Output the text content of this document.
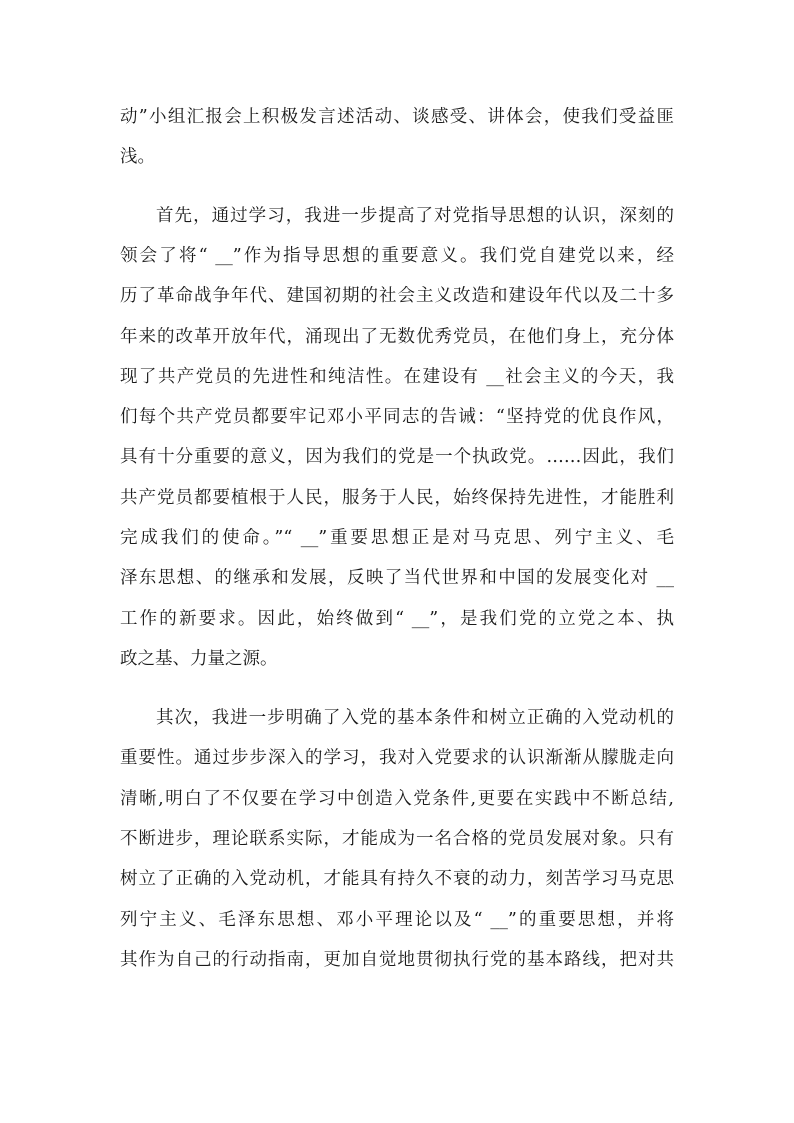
动”小组汇报会上积极发言述活动、谈感受、讲体会，使我们受益匪
浅。
首先，通过学习，我进一步提高了对党指导思想的认识，深刻的
领会了将“ __”作为指导思想的重要意义。我们党自建党以来，经
历了革命战争年代、建国初期的社会主义改造和建设年代以及二十多
年来的改革开放年代，涌现出了无数优秀党员，在他们身上，充分体
现了共产党员的先进性和纯洁性。在建设有 __社会主义的今天，我
们每个共产党员都要牢记邓小平同志的告诫：“坚持党的优良作风，
具有十分重要的意义，因为我们的党是一个执政党。……因此，我们
共产党员都要植根于人民，服务于人民，始终保持先进性，才能胜利
完成我们的使命。”“ __”重要思想正是对马克思、列宁主义、毛
泽东思想、的继承和发展，反映了当代世界和中国的发展变化对 __
工作的新要求。因此，始终做到“ __”，是我们党的立党之本、执
政之基、力量之源。
其次，我进一步明确了入党的基本条件和树立正确的入党动机的
重要性。通过步步深入的学习，我对入党要求的认识渐渐从朦胧走向
清晰,明白了不仅要在学习中创造入党条件,更要在实践中不断总结,
不断进步，理论联系实际，才能成为一名合格的党员发展对象。只有
树立了正确的入党动机，才能具有持久不衰的动力，刻苦学习马克思
列宁主义、毛泽东思想、邓小平理论以及“ __”的重要思想，并将
其作为自己的行动指南，更加自觉地贯彻执行党的基本路线，把对共
